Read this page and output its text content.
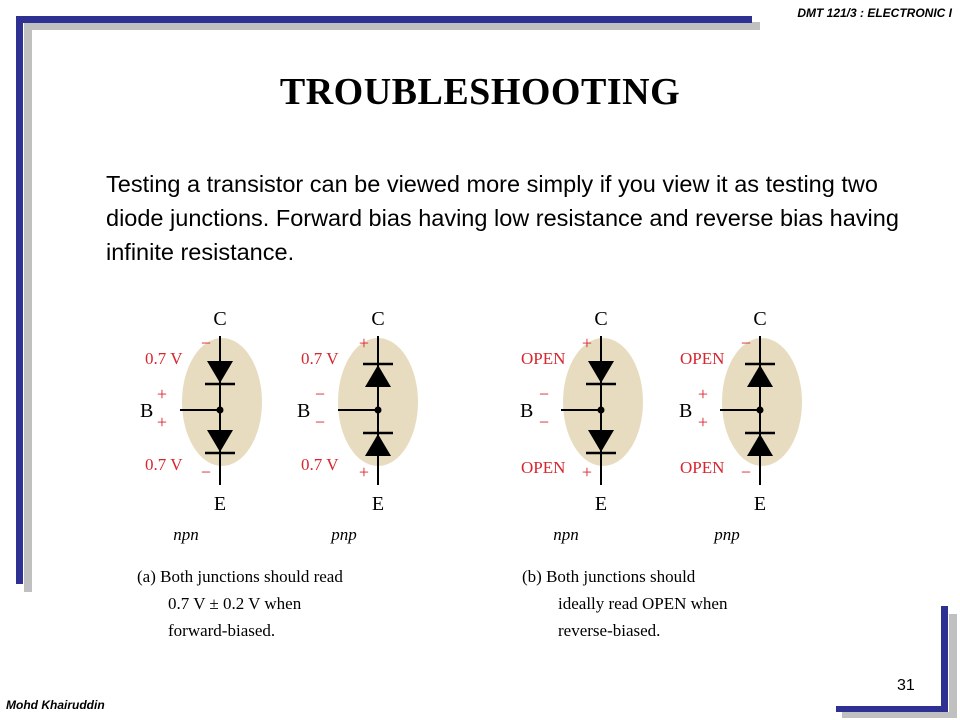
DMT 121/3 : ELECTRONIC I
TROUBLESHOOTING

Testing a transistor can be viewed more simply if you view it as testing two diode junctions. Forward bias having low resistance and reverse bias having infinite resistance.

C
B
E
0.7 V
0.7 V
−
+
+
−
npn
C
B
E
0.7 V
0.7 V
+
−
−
+
pnp
C
B
E
OPEN
OPEN
+
−
−
+
npn
C
B
E
OPEN
OPEN
−
+
+
−
pnp
(a) Both junctions should read
0.7 V ± 0.2 V when
forward-biased.
(b) Both junctions should
ideally read OPEN when
reverse-biased.
Mohd Khairuddin
31
